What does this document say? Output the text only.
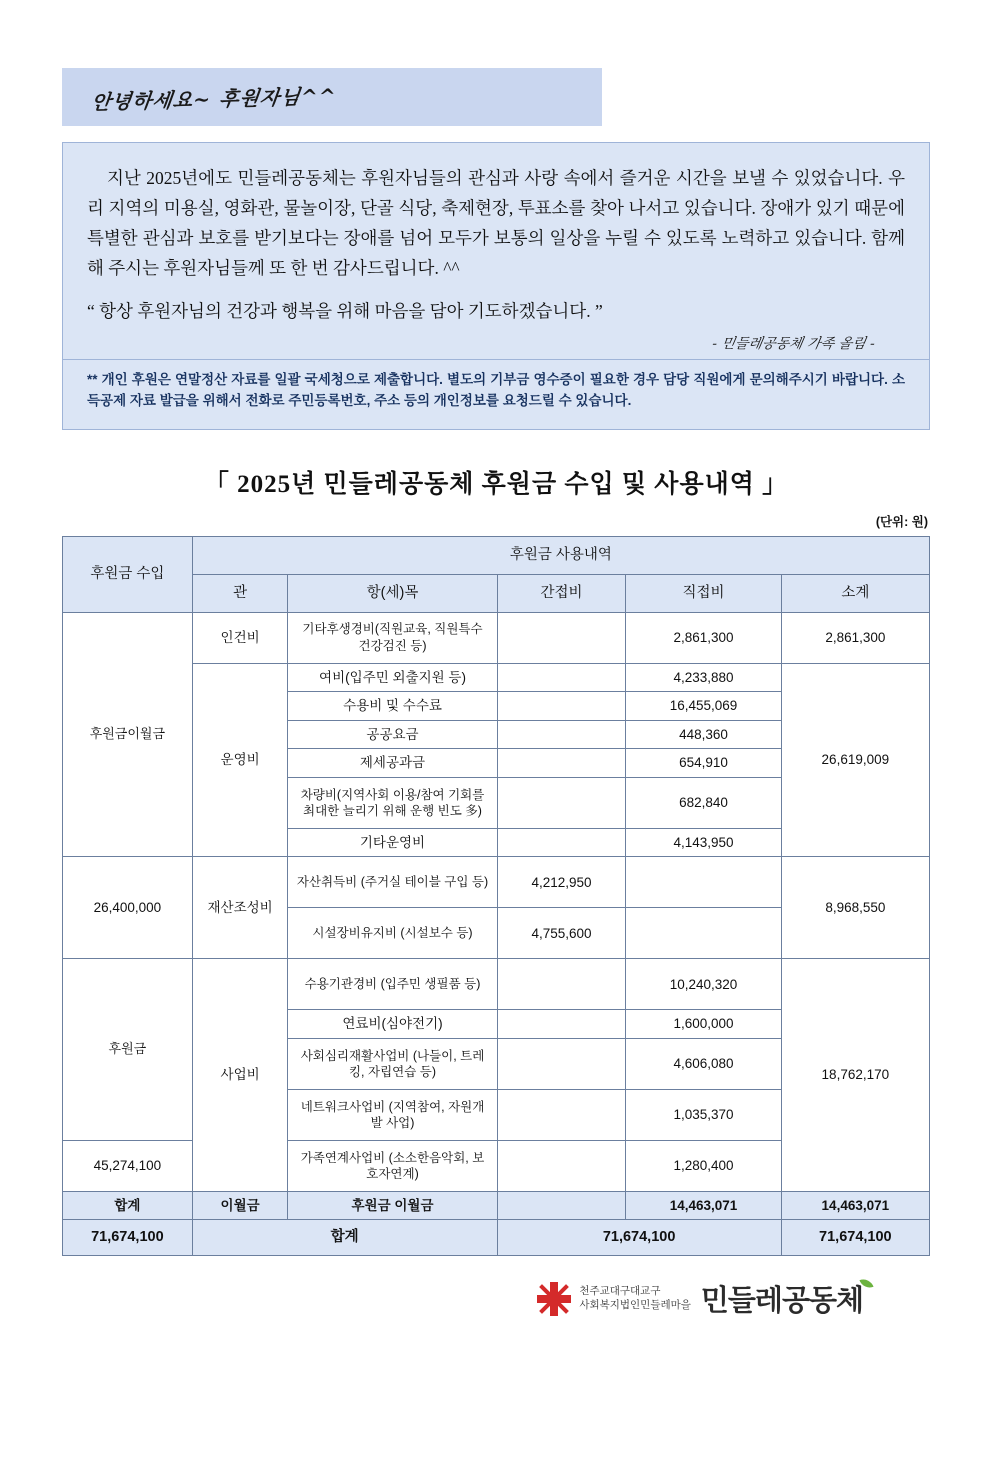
안녕하세요~ 후원자님^^

지난 2025년에도 민들레공동체는 후원자님들의 관심과 사랑 속에서 즐거운 시간을 보낼 수 있었습니다. 우리 지역의 미용실, 영화관, 물놀이장, 단골 식당, 축제현장, 투표소를 찾아 나서고 있습니다. 장애가 있기 때문에 특별한 관심과 보호를 받기보다는 장애를 넘어 모두가 보통의 일상을 누릴 수 있도록 노력하고 있습니다. 함께해 주시는 후원자님들께 또 한 번 감사드립니다. ^^

“ 항상 후원자님의 건강과 행복을 위해 마음을 담아 기도하겠습니다. ”

- 민들레공동체 가족 올림 -

** 개인 후원은 연말정산 자료를 일괄 국세청으로 제출합니다. 별도의 기부금 영수증이 필요한 경우 담당 직원에게 문의해주시기 바랍니다. 소득공제 자료 발급을 위해서 전화로 주민등록번호, 주소 등의 개인정보를 요청드릴 수 있습니다.

「 2025년 민들레공동체 후원금 수입 및 사용내역 」
(단위: 원)
후원금 수입	후원금 사용내역				
	관	항(세)목	간접비	직접비	소계
후원금이월금	인건비	기타후생경비(직원교육, 직원특수건강검진 등)		2,861,300	2,861,300
	운영비	여비(입주민 외출지원 등)		4,233,880	26,619,009
		수용비 및 수수료		16,455,069	
		공공요금		448,360	
		제세공과금		654,910	
		차량비(지역사회 이용/참여 기회를 최대한 늘리기 위해 운행 빈도 多)		682,840	
		기타운영비		4,143,950	
26,400,000	재산조성비	자산취득비 (주거실 테이블 구입 등)	4,212,950		8,968,550
		시설장비유지비 (시설보수 등)	4,755,600		
후원금	사업비	수용기관경비 (입주민 생필품 등)		10,240,320	18,762,170
		연료비(심야전기)		1,600,000	
		사회심리재활사업비 (나들이, 트레킹, 자립연습 등)		4,606,080	
		네트워크사업비 (지역참여, 자원개발 사업)		1,035,370	
45,274,100		가족연계사업비 (소소한음악회, 보호자연계)		1,280,400	
합계	이월금	후원금 이월금		14,463,071	14,463,071
71,674,100	합계		71,674,100		71,674,100
천주교대구대교구
사회복지법인민들레마을 민들레공동체
